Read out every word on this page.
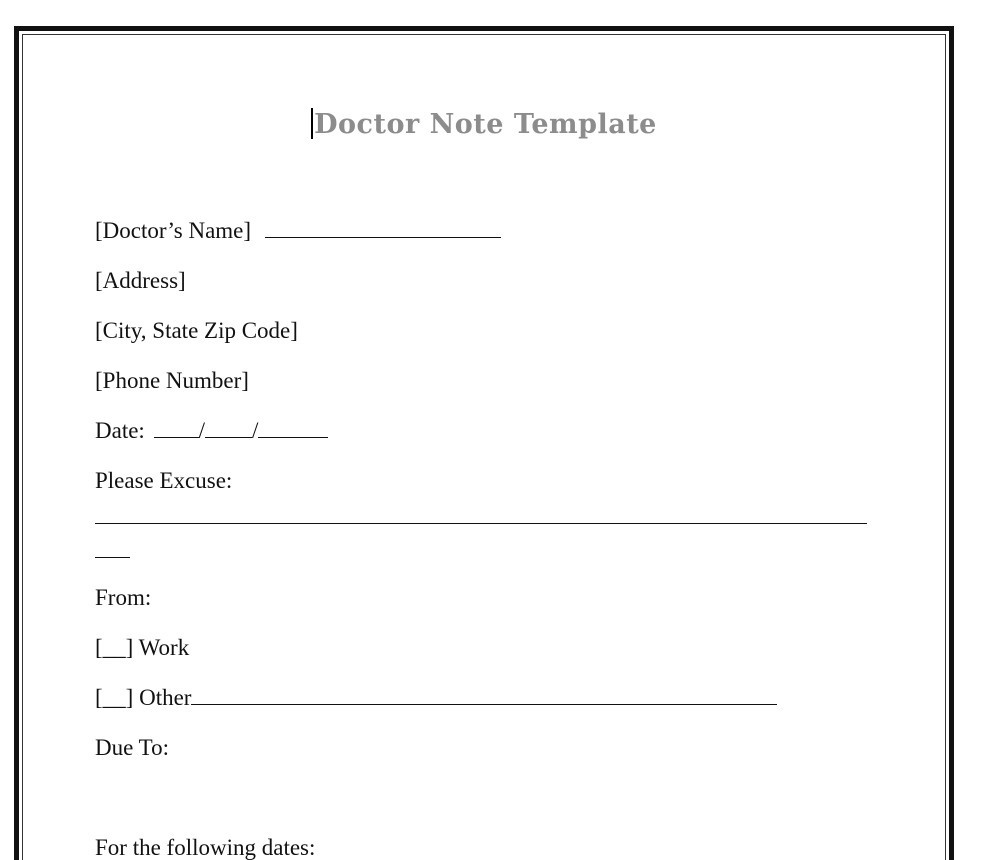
Doctor Note Template
[Doctor’s Name]
[Address]
[City, State Zip Code]
[Phone Number]
Date: / /
Please Excuse:
From:
[__] Work
[__] Other
Due To:
For the following dates:
